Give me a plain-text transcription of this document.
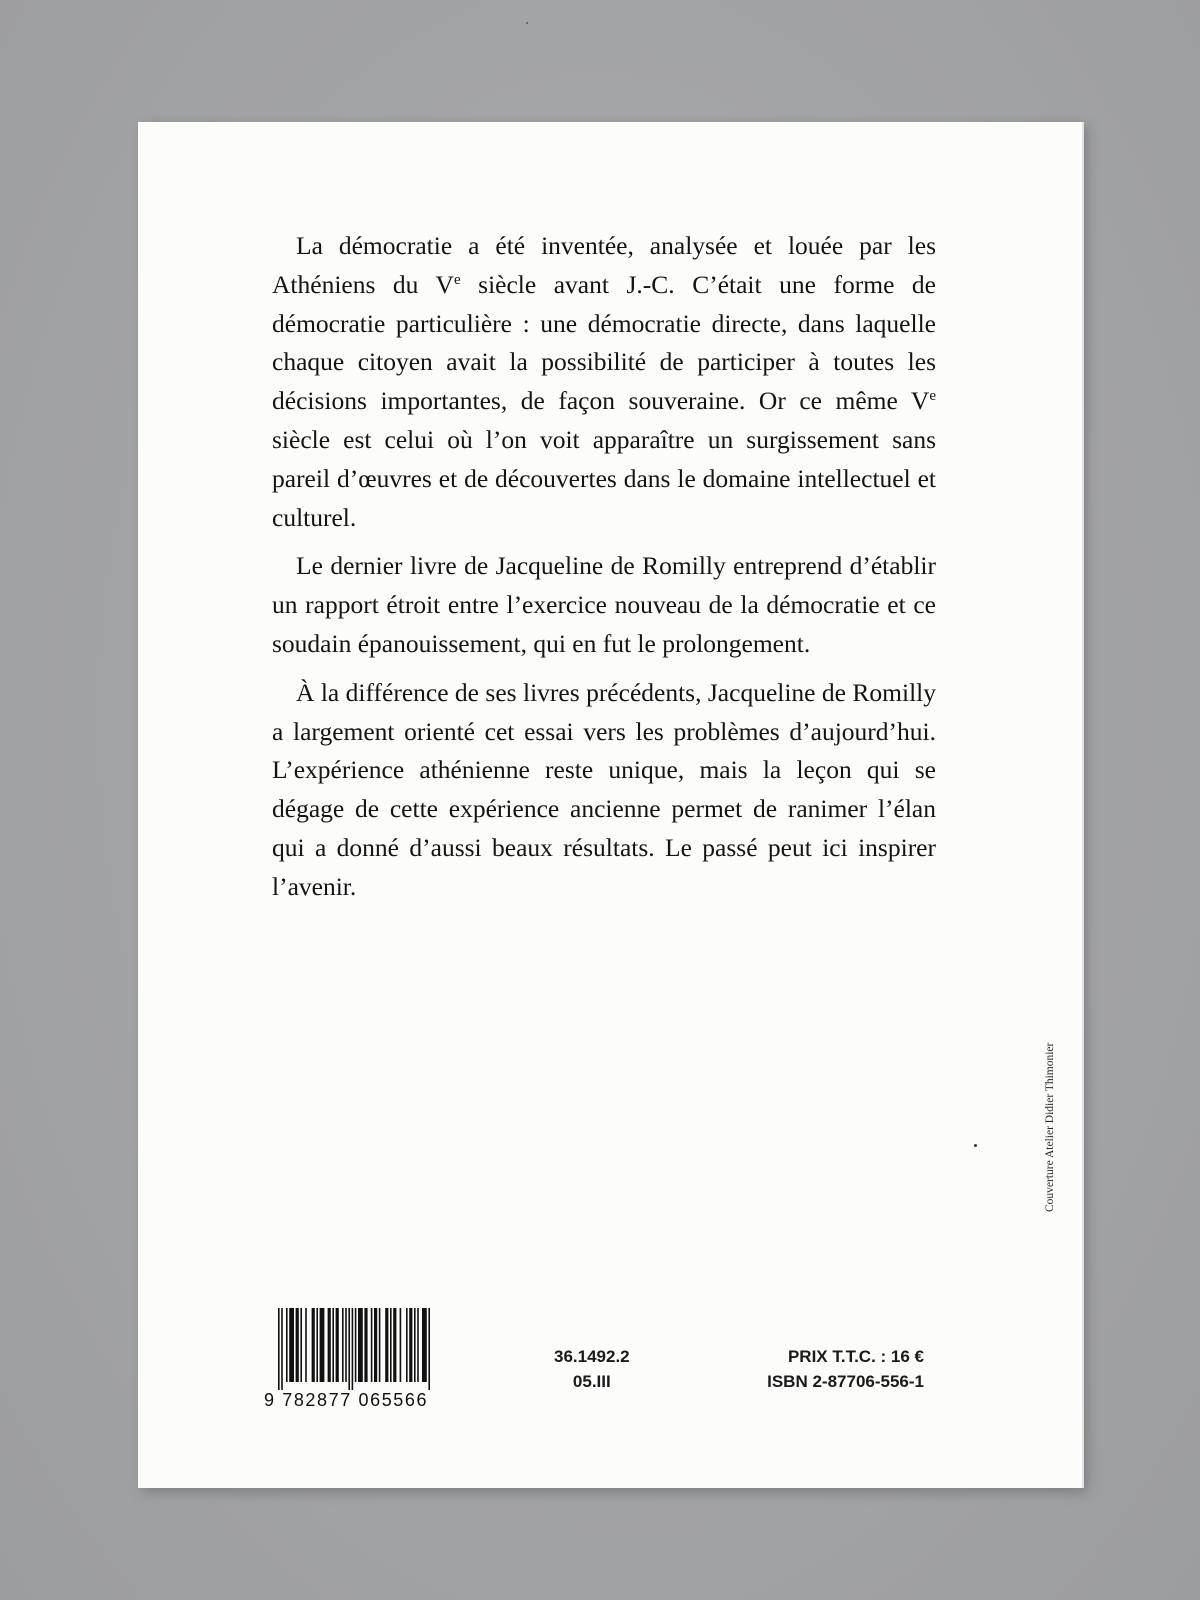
La démocratie a été inventée, analysée et louée par les Athéniens du Ve siècle avant J.-C. C’était une forme de démocratie particulière : une démocratie directe, dans laquelle chaque citoyen avait la possibilité de participer à toutes les décisions importantes, de façon souveraine. Or ce même Ve siècle est celui où l’on voit apparaître un surgissement sans pareil d’œuvres et de découvertes dans le domaine intellectuel et culturel.

Le dernier livre de Jacqueline de Romilly entreprend d’établir un rapport étroit entre l’exercice nouveau de la démocratie et ce soudain épanouissement, qui en fut le prolongement.

À la différence de ses livres précédents, Jacqueline de Romilly a largement orienté cet essai vers les problèmes d’aujourd’hui. L’expérience athénienne reste unique, mais la leçon qui se dégage de cette expérience ancienne permet de ranimer l’élan qui a donné d’aussi beaux résultats. Le passé peut ici inspirer l’avenir.

9 782877 065566
36.1492.2
05.III
PRIX T.T.C. : 16 €
ISBN 2-87706-556-1
Couverture Atelier Didier Thimonier
